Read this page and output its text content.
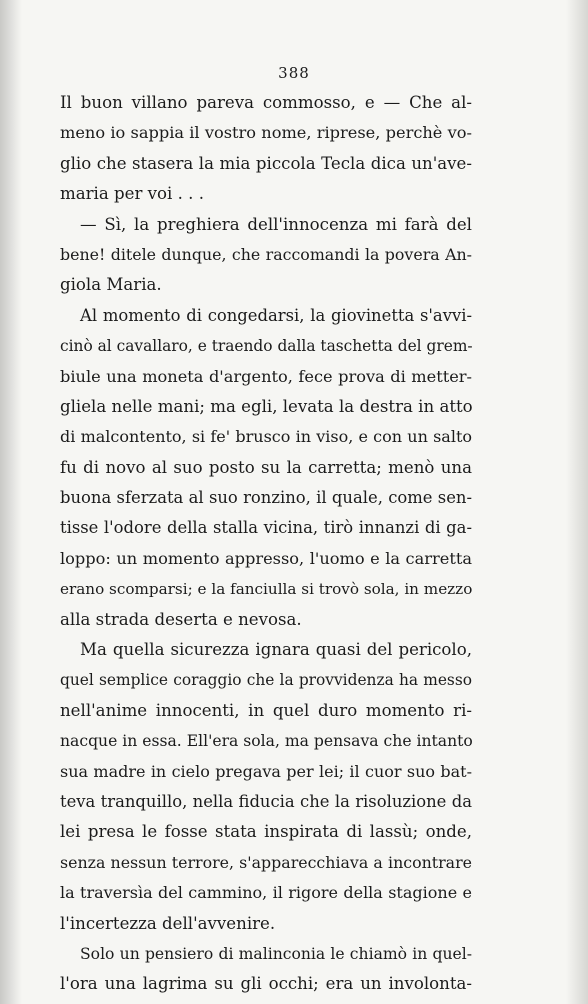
388
Il buon villano pareva commosso, e — Che al-
meno io sappia il vostro nome, riprese, perchè vo-
glio che stasera la mia piccola Tecla dica un'ave-
maria per voi . . .
— Sì, la preghiera dell'innocenza mi farà del
bene! ditele dunque, che raccomandi la povera An-
giola Maria.
Al momento di congedarsi, la giovinetta s'avvi-
cinò al cavallaro, e traendo dalla taschetta del grem-
biule una moneta d'argento, fece prova di metter-
gliela nelle mani; ma egli, levata la destra in atto
di malcontento, si fe' brusco in viso, e con un salto
fu di novo al suo posto su la carretta; menò una
buona sferzata al suo ronzino, il quale, come sen-
tisse l'odore della stalla vicina, tirò innanzi di ga-
loppo: un momento appresso, l'uomo e la carretta
erano scomparsi; e la fanciulla si trovò sola, in mezzo
alla strada deserta e nevosa.
Ma quella sicurezza ignara quasi del pericolo,
quel semplice coraggio che la provvidenza ha messo
nell'anime innocenti, in quel duro momento ri-
nacque in essa. Ell'era sola, ma pensava che intanto
sua madre in cielo pregava per lei; il cuor suo bat-
teva tranquillo, nella fiducia che la risoluzione da
lei presa le fosse stata inspirata di lassù; onde,
senza nessun terrore, s'apparecchiava a incontrare
la traversìa del cammino, il rigore della stagione e
l'incertezza dell'avvenire.
Solo un pensiero di malinconia le chiamò in quel-
l'ora una lagrima su gli occhi; era un involonta-
